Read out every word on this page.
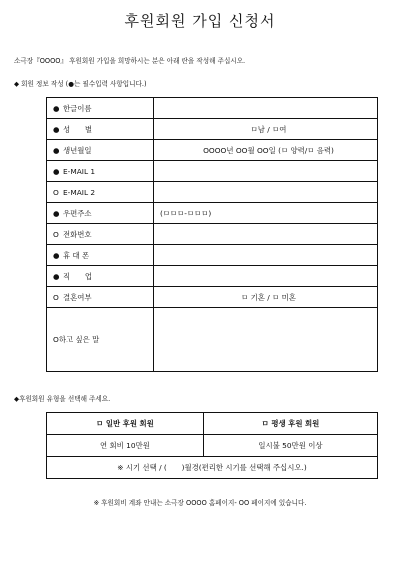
후원회원 가입 신청서
소극장『OOOO』 후원회원 가입을 희망하시는 분은 아래 란을 작성해 주십시오.
◆ 회원 정보 작성 (●는 필수입력 사항입니다.)
● 한글이름	
● 성　　별	ㅁ남 / ㅁ여
● 생년월일	OOOO년 OO월 OO일 (ㅁ 양력/ㅁ 음력)
● E-MAIL 1	
O E-MAIL 2	
● 우편주소	(ㅁㅁㅁ-ㅁㅁㅁ)
O 전화번호	
● 휴 대 폰	
● 직　　업	
O 결혼여부	ㅁ 기혼 / ㅁ 미혼
O하고 싶은 말	
◆후원회원 유형을 선택해 주세요.
ㅁ 일반 후원 회원	ㅁ 평생 후원 회원
연 회비 10만원	일시불 50만원 이상
※ 시기 선택 / (　　)월경(편리한 시기를 선택해 주십시오.)	
※ 후원회비 계좌 안내는 소극장 OOOO 홈페이지- OO 페이지에 있습니다.
